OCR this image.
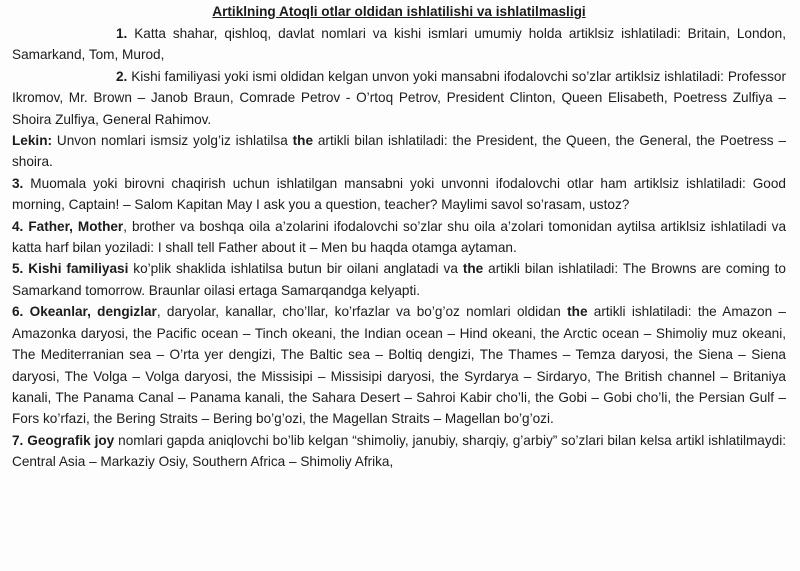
Artiklning Atoqli otlar oldidan ishlatilishi va ishlatilmasligi

1. Katta shahar, qishloq, davlat nomlari va kishi ismlari umumiy holda artiklsiz ishlatiladi: Britain, London, Samarkand, Tom, Murod,

2. Kishi familiyasi yoki ismi oldidan kelgan unvon yoki mansabni ifodalovchi so’zlar artiklsiz ishlatiladi: Professor Ikromov, Mr. Brown – Janob Braun, Comrade Petrov - O’rtoq Petrov, President Clinton, Queen Elisabeth, Poetress Zulfiya – Shoira Zulfiya, General Rahimov.

Lekin: Unvon nomlari ismsiz yolg’iz ishlatilsa the artikli bilan ishlatiladi: the President, the Queen, the General, the Poetress – shoira.

3. Muomala yoki birovni chaqirish uchun ishlatilgan mansabni yoki unvonni ifodalovchi otlar ham artiklsiz ishlatiladi: Good morning, Captain! – Salom Kapitan May I ask you a question, teacher? Maylimi savol so’rasam, ustoz?

4. Father, Mother, brother va boshqa oila a’zolarini ifodalovchi so’zlar shu oila a’zolari tomonidan aytilsa artiklsiz ishlatiladi va katta harf bilan yoziladi: I shall tell Father about it – Men bu haqda otamga aytaman.

5. Kishi familiyasi ko’plik shaklida ishlatilsa butun bir oilani anglatadi va the artikli bilan ishlatiladi: The Browns are coming to Samarkand tomorrow. Braunlar oilasi ertaga Samarqandga kelyapti.

6. Okeanlar, dengizlar, daryolar, kanallar, cho’llar, ko’rfazlar va bo’g’oz nomlari oldidan the artikli ishlatiladi: the Amazon – Amazonka daryosi, the Pacific ocean – Tinch okeani, the Indian ocean – Hind okeani, the Arctic ocean – Shimoliy muz okeani, The Mediterranian sea – O’rta yer dengizi, The Baltic sea – Boltiq dengizi, The Thames – Temza daryosi, the Siena – Siena daryosi, The Volga – Volga daryosi, the Missisipi – Missisipi daryosi, the Syrdarya – Sirdaryo, The British channel – Britaniya kanali, The Panama Canal – Panama kanali, the Sahara Desert – Sahroi Kabir cho’li, the Gobi – Gobi cho’li, the Persian Gulf – Fors ko’rfazi, the Bering Straits – Bering bo’g’ozi, the Magellan Straits – Magellan bo’g’ozi.

7. Geografik joy nomlari gapda aniqlovchi bo’lib kelgan “shimoliy, janubiy, sharqiy, g’arbiy” so’zlari bilan kelsa artikl ishlatilmaydi: Central Asia – Markaziy Osiy, Southern Africa – Shimoliy Afrika,
